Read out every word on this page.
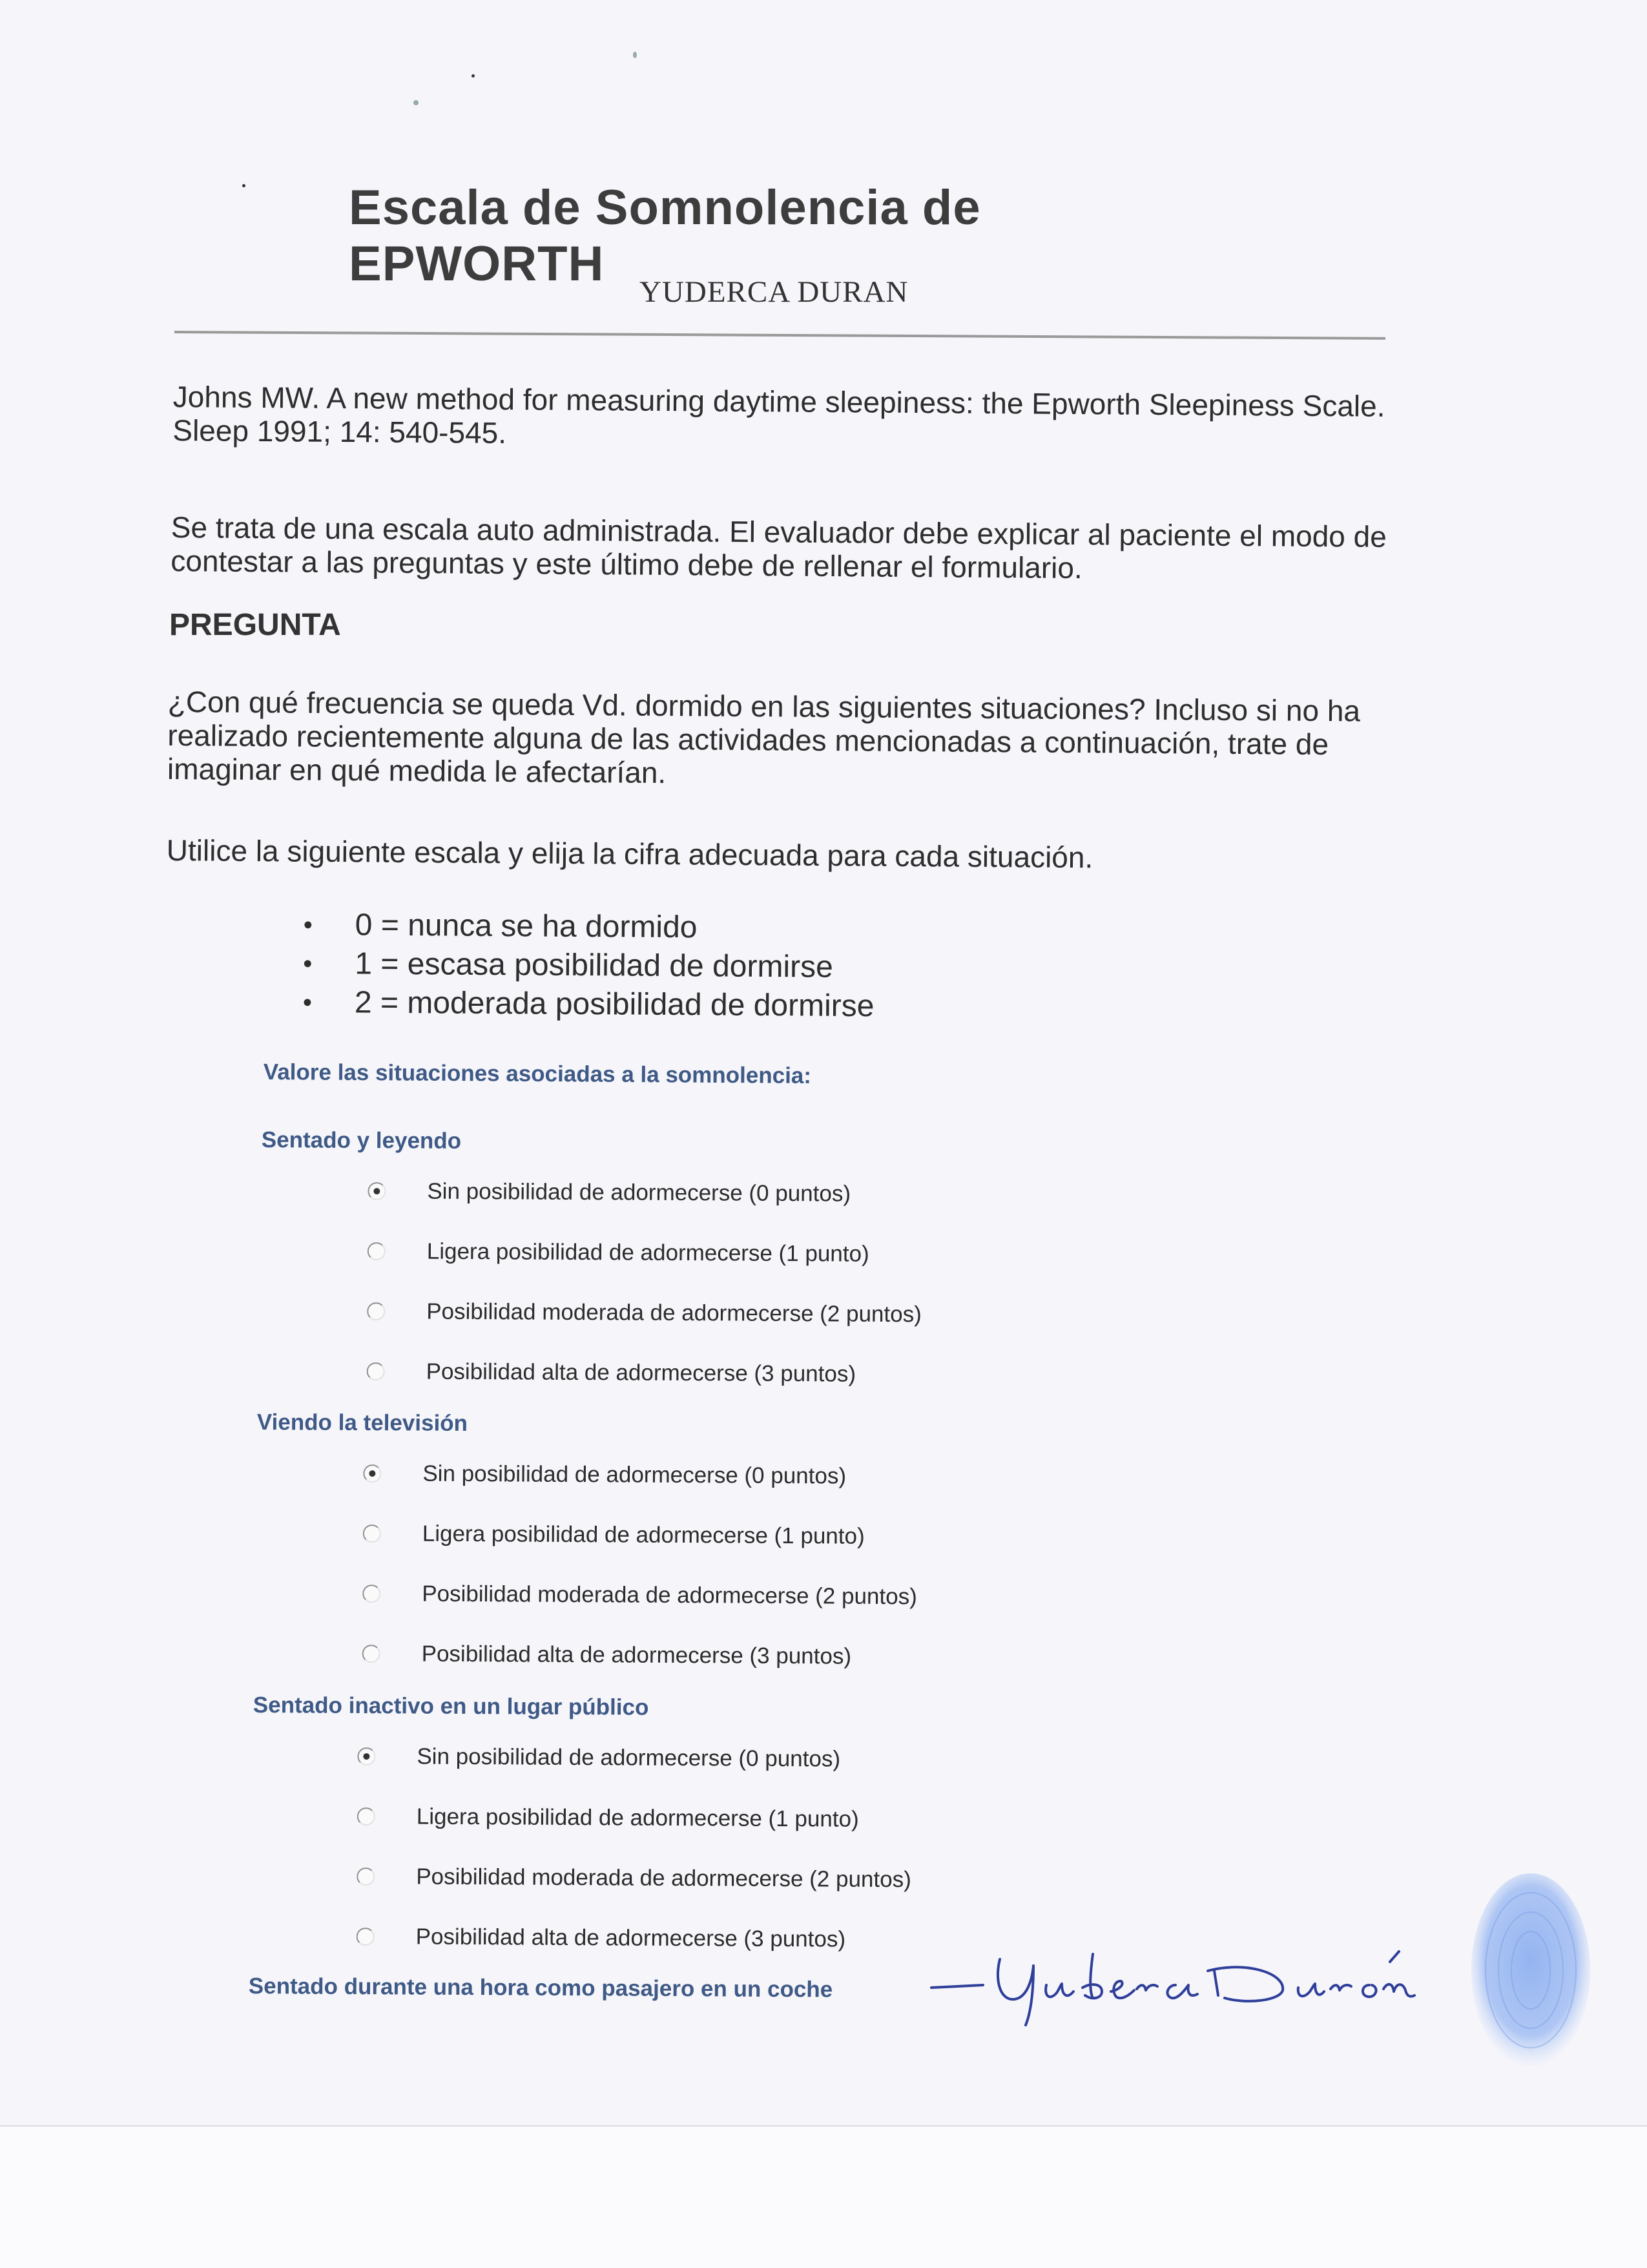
Escala de Somnolencia de EPWORTH
YUDERCA DURAN

Johns MW. A new method for measuring daytime sleepiness: the Epworth Sleepiness Scale. Sleep 1991; 14: 540-545.

Se trata de una escala auto administrada. El evaluador debe explicar al paciente el modo de contestar a las preguntas y este último debe de rellenar el formulario.

PREGUNTA

¿Con qué frecuencia se queda Vd. dormido en las siguientes situaciones? Incluso si no ha realizado recientemente alguna de las actividades mencionadas a continuación, trate de imaginar en qué medida le afectarían.

Utilice la siguiente escala y elija la cifra adecuada para cada situación.

• 0 = nunca se ha dormido
• 1 = escasa posibilidad de dormirse
• 2 = moderada posibilidad de dormirse
Valore las situaciones asociadas a la somnolencia:
Sentado y leyendo
Sin posibilidad de adormecerse (0 puntos)
Ligera posibilidad de adormecerse (1 punto)
Posibilidad moderada de adormecerse (2 puntos)
Posibilidad alta de adormecerse (3 puntos)
Viendo la televisión
Sin posibilidad de adormecerse (0 puntos)
Ligera posibilidad de adormecerse (1 punto)
Posibilidad moderada de adormecerse (2 puntos)
Posibilidad alta de adormecerse (3 puntos)
Sentado inactivo en un lugar público
Sin posibilidad de adormecerse (0 puntos)
Ligera posibilidad de adormecerse (1 punto)
Posibilidad moderada de adormecerse (2 puntos)
Posibilidad alta de adormecerse (3 puntos)
Sentado durante una hora como pasajero en un coche
